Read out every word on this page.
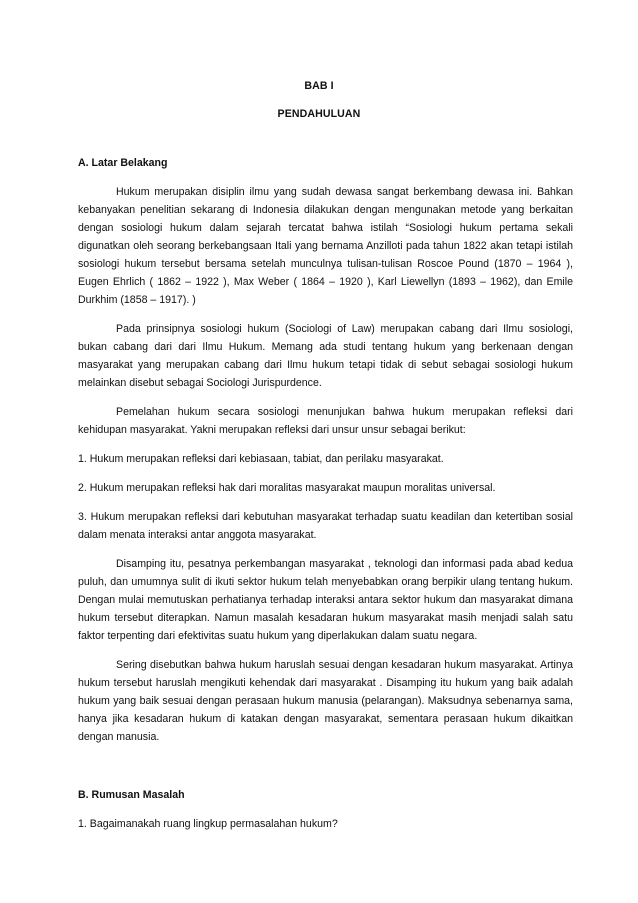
BAB I
PENDAHULUAN

A. Latar Belakang

Hukum merupakan disiplin ilmu yang sudah dewasa sangat berkembang dewasa ini. Bahkan kebanyakan penelitian sekarang di Indonesia dilakukan dengan mengunakan metode yang berkaitan dengan sosiologi hukum dalam sejarah tercatat bahwa istilah “Sosiologi hukum pertama sekali digunatkan oleh seorang berkebangsaan Itali yang bernama Anzilloti pada tahun 1822 akan tetapi istilah sosiologi hukum tersebut bersama setelah munculnya tulisan-tulisan Roscoe Pound (1870 – 1964 ), Eugen Ehrlich ( 1862 – 1922 ), Max Weber ( 1864 – 1920 ), Karl Liewellyn (1893 – 1962), dan Emile Durkhim (1858 – 1917). )

Pada prinsipnya sosiologi hukum (Sociologi of Law) merupakan cabang dari Ilmu sosiologi, bukan cabang dari dari Ilmu Hukum. Memang ada studi tentang hukum yang berkenaan dengan masyarakat yang merupakan cabang dari Ilmu hukum tetapi tidak di sebut sebagai sosiologi hukum melainkan disebut sebagai Sociologi Jurispurdence.

Pemelahan hukum secara sosiologi menunjukan bahwa hukum merupakan refleksi dari kehidupan masyarakat. Yakni merupakan refleksi dari unsur unsur sebagai berikut:

1. Hukum merupakan refleksi dari kebiasaan, tabiat, dan perilaku masyarakat.

2. Hukum merupakan refleksi hak dari moralitas masyarakat maupun moralitas universal.

3. Hukum merupakan refleksi dari kebutuhan masyarakat terhadap suatu keadilan dan ketertiban sosial dalam menata interaksi antar anggota masyarakat.

Disamping itu, pesatnya perkembangan masyarakat , teknologi dan informasi pada abad kedua puluh, dan umumnya sulit di ikuti sektor hukum telah menyebabkan orang berpikir ulang tentang hukum. Dengan mulai memutuskan perhatianya terhadap interaksi antara sektor hukum dan masyarakat dimana hukum tersebut diterapkan. Namun masalah kesadaran hukum masyarakat masih menjadi salah satu faktor terpenting dari efektivitas suatu hukum yang diperlakukan dalam suatu negara.

Sering disebutkan bahwa hukum haruslah sesuai dengan kesadaran hukum masyarakat. Artinya hukum tersebut haruslah mengikuti kehendak dari masyarakat . Disamping itu hukum yang baik adalah hukum yang baik sesuai dengan perasaan hukum manusia (pelarangan). Maksudnya sebenarnya sama, hanya jika kesadaran hukum di katakan dengan masyarakat, sementara perasaan hukum dikaitkan dengan manusia.

B. Rumusan Masalah

1. Bagaimanakah ruang lingkup permasalahan hukum?
